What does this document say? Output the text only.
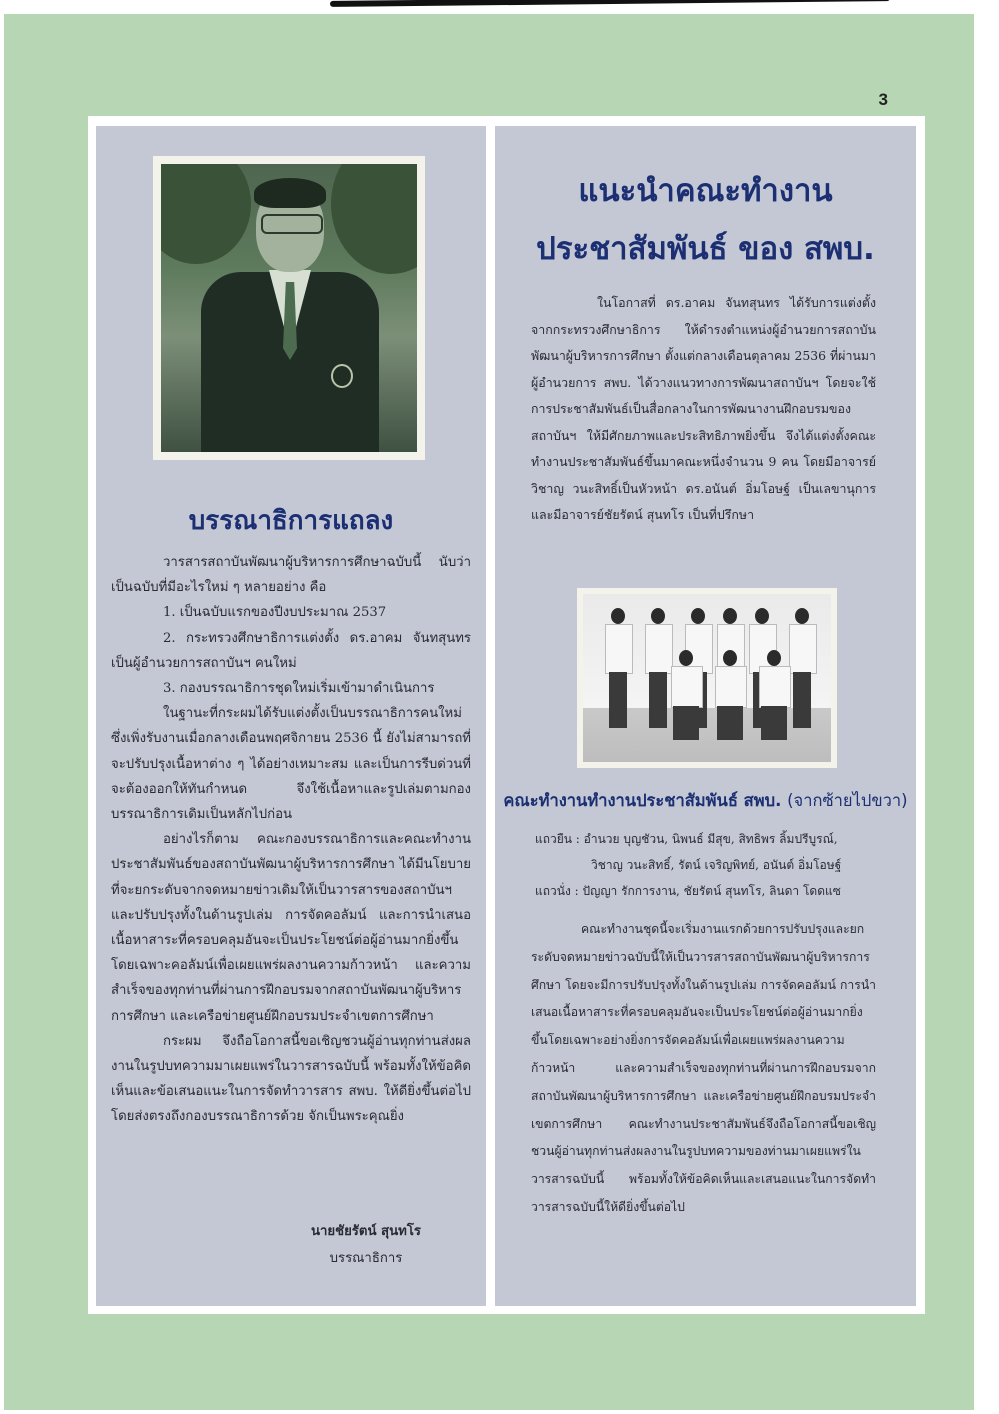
3
บรรณาธิการแถลง

วารสารสถาบันพัฒนาผู้บริหารการศึกษาฉบับนี้ นับว่าเป็นฉบับที่มีอะไรใหม่ ๆ หลายอย่าง คือ

1. เป็นฉบับแรกของปีงบประมาณ 2537

2. กระทรวงศึกษาธิการแต่งตั้ง ดร.อาคม จันทสุนทร เป็นผู้อำนวยการสถาบันฯ คนใหม่

3. กองบรรณาธิการชุดใหม่เริ่มเข้ามาดำเนินการ

ในฐานะที่กระผมได้รับแต่งตั้งเป็นบรรณาธิการคนใหม่ ซึ่งเพิ่งรับงานเมื่อกลางเดือนพฤศจิกายน 2536 นี้ ยังไม่สามารถที่จะปรับปรุงเนื้อหาต่าง ๆ ได้อย่างเหมาะสม และเป็นการรีบด่วนที่จะต้องออกให้ทันกำหนด จึงใช้เนื้อหาและรูปเล่มตามกองบรรณาธิการเดิมเป็นหลักไปก่อน

อย่างไรก็ตาม คณะกองบรรณาธิการและคณะทำงานประชาสัมพันธ์ของสถาบันพัฒนาผู้บริหารการศึกษา ได้มีนโยบายที่จะยกระดับจากจดหมายข่าวเดิมให้เป็นวารสารของสถาบันฯ และปรับปรุงทั้งในด้านรูปเล่ม การจัดคอลัมน์ และการนำเสนอเนื้อหาสาระที่ครอบคลุมอันจะเป็นประโยชน์ต่อผู้อ่านมากยิ่งขึ้น โดยเฉพาะคอลัมน์เพื่อเผยแพร่ผลงานความก้าวหน้า และความสำเร็จของทุกท่านที่ผ่านการฝึกอบรมจากสถาบันพัฒนาผู้บริหารการศึกษา และเครือข่ายศูนย์ฝึกอบรมประจำเขตการศึกษา

กระผม จึงถือโอกาสนี้ขอเชิญชวนผู้อ่านทุกท่านส่งผลงานในรูปบทความมาเผยแพร่ในวารสารฉบับนี้ พร้อมทั้งให้ข้อคิดเห็นและข้อเสนอแนะในการจัดทำวารสาร สพบ. ให้ดียิ่งขึ้นต่อไป โดยส่งตรงถึงกองบรรณาธิการด้วย จักเป็นพระคุณยิ่ง

นายชัยรัตน์ สุนทโร
บรรณาธิการ
แนะนำคณะทำงาน
ประชาสัมพันธ์ ของ สพบ.

ในโอกาสที่ ดร.อาคม จันทสุนทร ได้รับการแต่งตั้งจากกระทรวงศึกษาธิการ ให้ดำรงตำแหน่งผู้อำนวยการสถาบันพัฒนาผู้บริหารการศึกษา ตั้งแต่กลางเดือนตุลาคม 2536 ที่ผ่านมา ผู้อำนวยการ สพบ. ได้วางแนวทางการพัฒนาสถาบันฯ โดยจะใช้การประชาสัมพันธ์เป็นสื่อกลางในการพัฒนางานฝึกอบรมของสถาบันฯ ให้มีศักยภาพและประสิทธิภาพยิ่งขึ้น จึงได้แต่งตั้งคณะทำงานประชาสัมพันธ์ขึ้นมาคณะหนึ่งจำนวน 9 คน โดยมีอาจารย์วิชาญ วนะสิทธิ์เป็นหัวหน้า ดร.อนันต์ อิ่มโอษฐ์ เป็นเลขานุการและมีอาจารย์ชัยรัตน์ สุนทโร เป็นที่ปรึกษา

คณะทำงานทำงานประชาสัมพันธ์ สพบ. (จากซ้ายไปขวา)
แถวยืน : อำนวย บุญชัวน, นิพนธ์ มีสุข, สิทธิพร ลิ้มปรีบูรณ์,
วิชาญ วนะสิทธิ์, รัตน์ เจริญพิทย์, อนันต์ อิ่มโอษฐ์
แถวนั่ง : ปัญญา รักการงาน, ชัยรัตน์ สุนทโร, ลินดา โดดแซ

คณะทำงานชุดนี้จะเริ่มงานแรกด้วยการปรับปรุงและยกระดับจดหมายข่าวฉบับนี้ให้เป็นวารสารสถาบันพัฒนาผู้บริหารการศึกษา โดยจะมีการปรับปรุงทั้งในด้านรูปเล่ม การจัดคอลัมน์ การนำเสนอเนื้อหาสาระที่ครอบคลุมอันจะเป็นประโยชน์ต่อผู้อ่านมากยิ่งขึ้นโดยเฉพาะอย่างยิ่งการจัดคอลัมน์เพื่อเผยแพร่ผลงานความก้าวหน้า และความสำเร็จของทุกท่านที่ผ่านการฝึกอบรมจากสถาบันพัฒนาผู้บริหารการศึกษา และเครือข่ายศูนย์ฝึกอบรมประจำเขตการศึกษา คณะทำงานประชาสัมพันธ์จึงถือโอกาสนี้ขอเชิญชวนผู้อ่านทุกท่านส่งผลงานในรูปบทความของท่านมาเผยแพร่ในวารสารฉบับนี้ พร้อมทั้งให้ข้อคิดเห็นและเสนอแนะในการจัดทำวารสารฉบับนี้ให้ดียิ่งขึ้นต่อไป
